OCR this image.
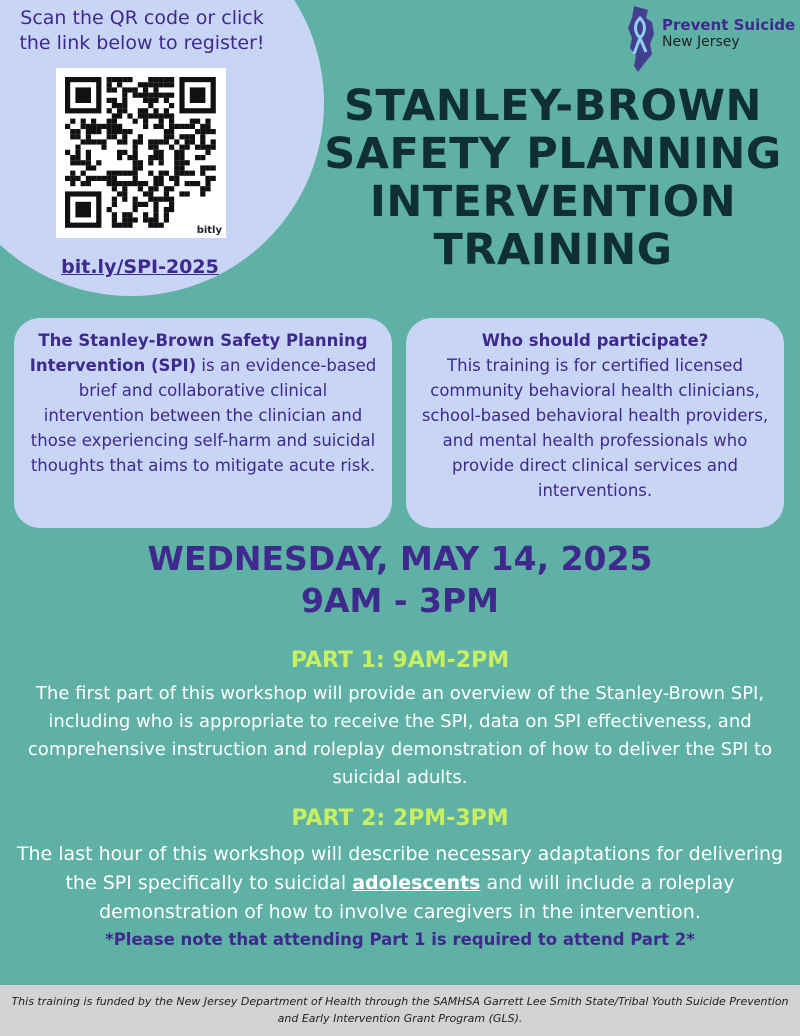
Scan the QR code or click the link below to register!
bitly
bit.ly/SPI-2025
Prevent Suicide
New Jersey
STANLEY-BROWN
SAFETY PLANNING
INTERVENTION
TRAINING
The Stanley-Brown Safety Planning Intervention (SPI) is an evidence-based brief and collaborative clinical intervention between the clinician and those experiencing self-harm and suicidal thoughts that aims to mitigate acute risk.
Who should participate?
This training is for certified licensed community behavioral health clinicians, school-based behavioral health providers, and mental health professionals who provide direct clinical services and interventions.
WEDNESDAY, MAY 14, 2025
9AM - 3PM
PART 1: 9AM-2PM
The first part of this workshop will provide an overview of the Stanley-Brown SPI, including who is appropriate to receive the SPI, data on SPI effectiveness, and comprehensive instruction and roleplay demonstration of how to deliver the SPI to suicidal adults.
PART 2: 2PM-3PM
The last hour of this workshop will describe necessary adaptations for delivering the SPI specifically to suicidal adolescents and will include a roleplay demonstration of how to involve caregivers in the intervention.
*Please note that attending Part 1 is required to attend Part 2*
This training is funded by the New Jersey Department of Health through the SAMHSA Garrett Lee Smith State/Tribal Youth Suicide Prevention and Early Intervention Grant Program (GLS).
